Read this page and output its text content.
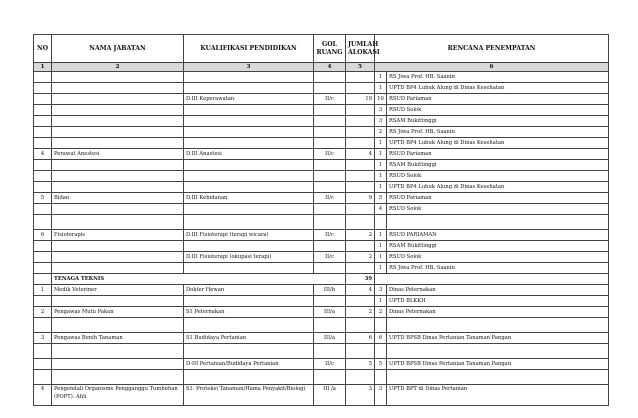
NO	NAMA JABATAN	KUALIFIKASI PENDIDIKAN	GOL RUANG	JUMLAH ALOKASI	RENCANA PENEMPATAN	
1	2	3	4	5	6	
					1	RS Jiwa Prof. HB. Saanin
					1	UPTD BP4 Lubuk Alung di Dinas Kesehatan
		D.III Keperawatan	II/c	19	10	RSUD Pariaman
					3	RSUD Solok
					3	RSAM Bukittinggi
					2	RS Jiwa Prof. HB. Saanin
					1	UPTD BP4 Lubuk Alung di Dinas Kesehatan
4	Perawat Anestesi	D.III Anastesi	II/c	4	1	RSUD Pariaman
					1	RSAM Bukittinggi
					1	RSUD Solok
					1	UPTD BP4 Lubuk Alung di Dinas Kesehatan
5	Bidan	D.III Kebidanan	II/c	9	5	RSUD Pariaman
					4	RSUD Solok

6	Fisioterapis	D.III Fisioterapi (terapi wicara)	II/c	2	1	RSUD PARIAMAN
					1	RSAM Bukittinggi
		D.III Fisioterapi (okupasi terapi)	II/c	2	1	RSUD Solok
					1	RS Jiwa Prof. HB. Saanin
	TENAGA TEKNIS			39		
1	Medik Veteriner	Dokter Hewan	III/b	4	3	Dinas Peternakan
					1	UPTD BLKKH
2	Pengawas Mutu Pakan	S1 Peternakan	III/a	2	2	Dinas Peternakan

3	Pengawas Benih Tanaman	S1 Budidaya Pertanian	III/a	6	6	UPTD BPSB Dinas Pertanian Tanaman Pangan

		D-III Pertanian/Budidaya Pertanian	II/c	5	5	UPTD BPSB Dinas Pertanian Tanaman Pangan

4	Pengendali Organisme Pengganggu Tumbuhan (POPT). Ahli	S1. Proteksi Tanaman/Hama Penyakit/Biologi	III /a	3	3	UPTD BPT di Dinas Pertanian
